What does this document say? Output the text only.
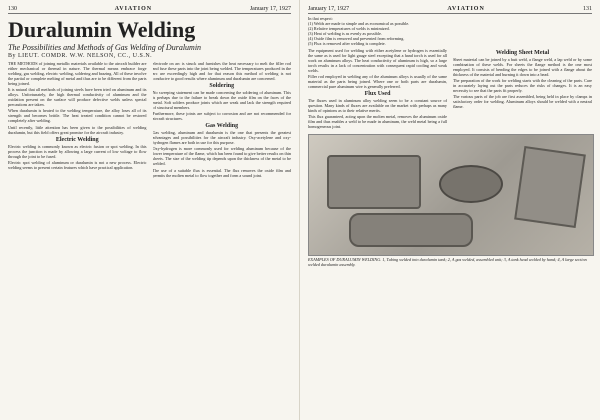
130	AVIATION	January 17, 1927
Duralumin Welding
The Possibilities and Methods of Gas Welding of Duralumin
By LIEUT. COMDR. W.W. NELSON, CC., U.S.N.

THE METHODS of joining metallic materials available to the aircraft builder are either mechanical or thermal in nature. The thermal means embrace forge welding, gas welding, electric welding, soldering and brazing. All of these involve the partial or complete melting of metal and thus are to be different from the parts being joined.

It is natural that all methods of joining steels have been tried on aluminum and its alloys. Unfortunately, the high thermal conductivity of aluminum and the oxidation present on the surface will produce defective welds unless special precautions are taken.

When duralumin is heated to the welding temperature, the alloy loses all of its strength and becomes brittle. The heat treated condition cannot be restored completely after welding.

Until recently, little attention has been given to the possibilities of welding duralumin, but this field offers great promise for the aircraft industry.

Electric Welding

Electric welding is commonly known as electric fusion or spot welding. In this process the junction is made by allowing a large current of low voltage to flow through the joint to be fused.

Electric spot welding of aluminum or duralumin is not a new process. Electric welding seems to present certain features which have practical application.

electrode on arc is struck and furnishes the heat necessary to melt the filler rod and fuse these parts into the joint being welded. The temperatures produced in the arc are exceedingly high and for that reason this method of welding is not conducive to good results where aluminum and duralumin are concerned.

Soldering

No sweeping statement can be made concerning the soldering of aluminum. This is perhaps due to the failure to break down the oxide film on the faces of the metal. Soft solders produce joints which are weak and lack the strength required of structural members.

Furthermore, these joints are subject to corrosion and are not recommended for aircraft structures.

Gas Welding

Gas welding, aluminum and duralumin is the one that presents the greatest advantages and possibilities for the aircraft industry. Oxy-acetylene and oxy-hydrogen flames are both in use for this purpose.

Oxy-hydrogen is more commonly used for welding aluminum because of the lower temperature of the flame, which has been found to give better results on thin sheets. The size of the welding tip depends upon the thickness of the metal to be welded.

The use of a suitable flux is essential. The flux removes the oxide film and permits the molten metal to flow together and form a sound joint.

January 17, 1927	AVIATION	131
In that respect:
(1) Welds are made to simple and as economical as possible.
(2) Relative temperatures of welds is minimized.
(3) Heat of welding is as evenly as possible.
(4) Oxide film is removed and prevented from reforming.
(5) Flux is removed after welding is complete.

The equipment used for welding with either acetylene or hydrogen is essentially the same as is used for light gauge steel excepting that a hand torch is used for all work on aluminum alloys. The heat conductivity of aluminum is high, so a large torch results in a lack of concentration with consequent rapid cooling and weak welds.

Filler rod employed in welding any of the aluminum alloys is usually of the same material as the parts being joined. Where one or both parts are duralumin, commercial pure aluminum wire is generally preferred.

Flux Used

The fluxes used in aluminum alloy welding seem to be a constant source of question. Many kinds of fluxes are available on the market with perhaps as many kinds of opinions as to their relative merits.

This flux guaranteed, acting upon the molten metal, removes the aluminum oxide film and thus enables a weld to be made in aluminum, the weld metal being a full homogeneous joint.

Welding Sheet Metal

Sheet material can be joined by a butt weld, a flange weld, a lap weld or by some combination of these welds. For sheets the flange method is the one most employed. It consists of bending the edges to be joined with a flange about the thickness of the material and burning it down into a bead.

The preparation of the work for welding starts with the cleaning of the parts. Care in accurately laying out the parts reduces the risks of changes. It is an easy necessity to see that the parts fit properly.

The various parts of the job are first assembled, being held in place by clamps in satisfactory order for welding. Aluminum alloys should be welded with a neutral flame.

EXAMPLES OF DURALUMIN WELDING. 1, Tubing welded into duralumin tank; 2, A gas welded, assembled unit; 3, A tank head welded by hand; 4, A large section welded duralumin assembly.
